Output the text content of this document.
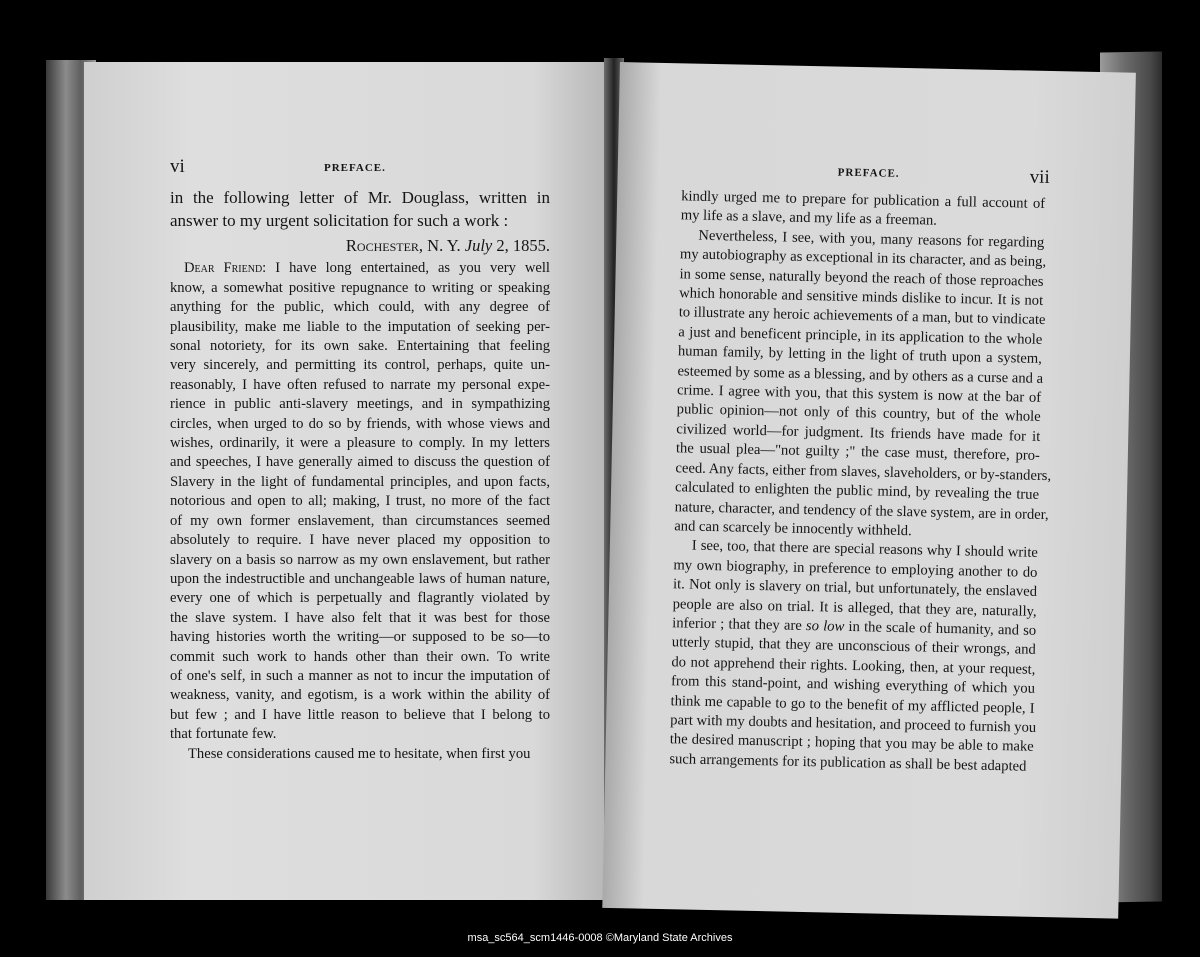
vi	PREFACE.
in the following letter of Mr. Douglass, written in
answer to my urgent solicitation for such a work :
Rochester, N. Y. July 2, 1855.
Dear Friend: I have long entertained, as you very well
know, a somewhat positive repugnance to writing or speaking
anything for the public, which could, with any degree of
plausibility, make me liable to the imputation of seeking per-
sonal notoriety, for its own sake. Entertaining that feeling
very sincerely, and permitting its control, perhaps, quite un-
reasonably, I have often refused to narrate my personal expe-
rience in public anti-slavery meetings, and in sympathizing
circles, when urged to do so by friends, with whose views and
wishes, ordinarily, it were a pleasure to comply. In my letters
and speeches, I have generally aimed to discuss the question of
Slavery in the light of fundamental principles, and upon facts,
notorious and open to all; making, I trust, no more of the fact
of my own former enslavement, than circumstances seemed
absolutely to require. I have never placed my opposition to
slavery on a basis so narrow as my own enslavement, but rather
upon the indestructible and unchangeable laws of human nature,
every one of which is perpetually and flagrantly violated by
the slave system. I have also felt that it was best for those
having histories worth the writing—or supposed to be so—to
commit such work to hands other than their own. To write
of one's self, in such a manner as not to incur the imputation of
weakness, vanity, and egotism, is a work within the ability of
but few ; and I have little reason to believe that I belong to
that fortunate few.
These considerations caused me to hesitate, when first you
PREFACE.	vii
kindly urged me to prepare for publication a full account of
my life as a slave, and my life as a freeman.
Nevertheless, I see, with you, many reasons for regarding
my autobiography as exceptional in its character, and as being,
in some sense, naturally beyond the reach of those reproaches
which honorable and sensitive minds dislike to incur. It is not
to illustrate any heroic achievements of a man, but to vindicate
a just and beneficent principle, in its application to the whole
human family, by letting in the light of truth upon a system,
esteemed by some as a blessing, and by others as a curse and a
crime. I agree with you, that this system is now at the bar of
public opinion—not only of this country, but of the whole
civilized world—for judgment. Its friends have made for it
the usual plea—"not guilty ;" the case must, therefore, pro-
ceed. Any facts, either from slaves, slaveholders, or by-standers,
calculated to enlighten the public mind, by revealing the true
nature, character, and tendency of the slave system, are in order,
and can scarcely be innocently withheld.
I see, too, that there are special reasons why I should write
my own biography, in preference to employing another to do
it. Not only is slavery on trial, but unfortunately, the enslaved
people are also on trial. It is alleged, that they are, naturally,
inferior ; that they are so low in the scale of humanity, and so
utterly stupid, that they are unconscious of their wrongs, and
do not apprehend their rights. Looking, then, at your request,
from this stand-point, and wishing everything of which you
think me capable to go to the benefit of my afflicted people, I
part with my doubts and hesitation, and proceed to furnish you
the desired manuscript ; hoping that you may be able to make
such arrangements for its publication as shall be best adapted
msa_sc564_scm1446-0008 ©Maryland State Archives
